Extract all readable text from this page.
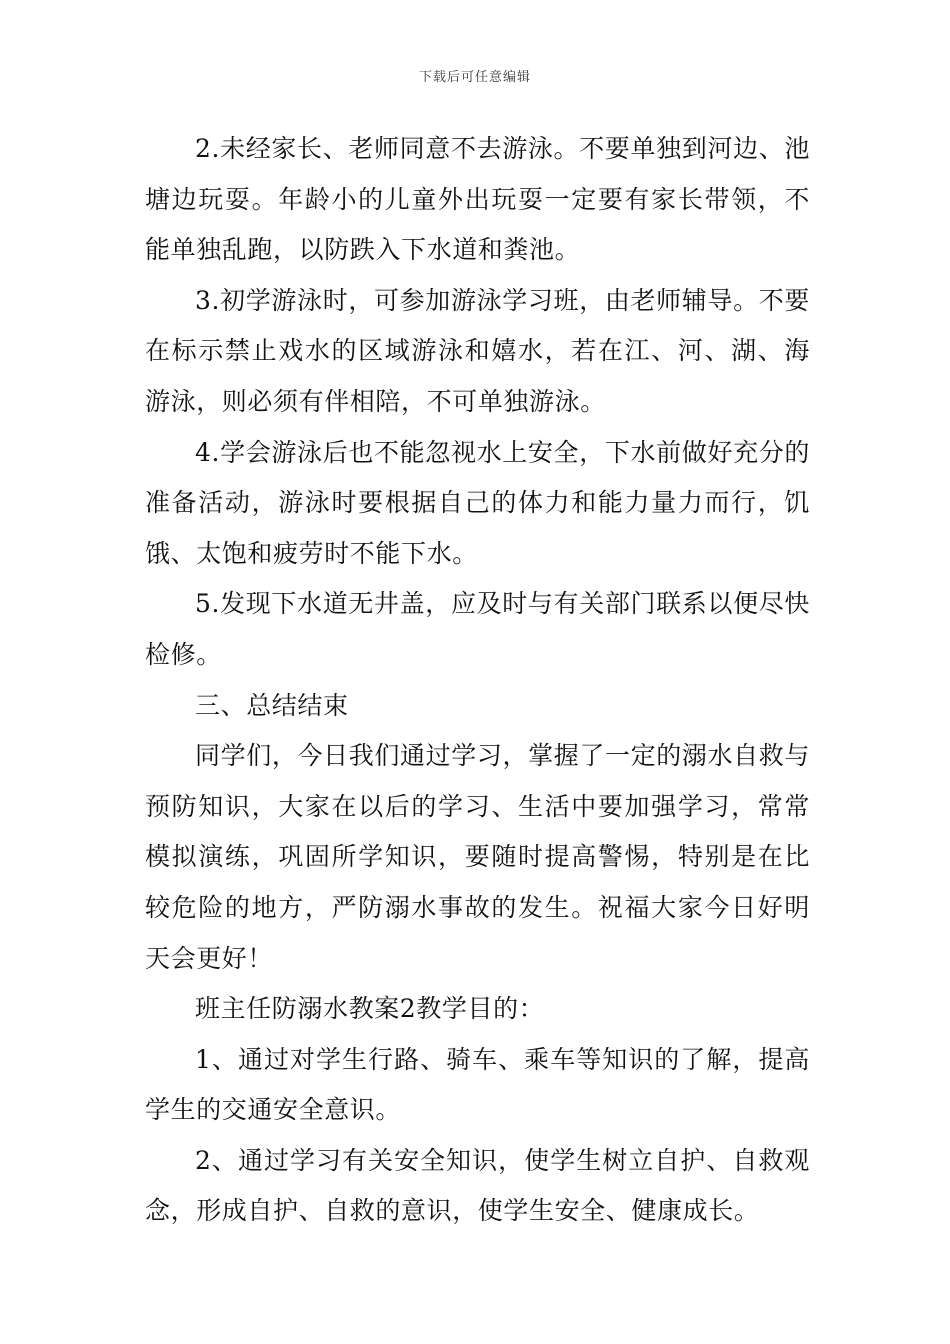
下载后可任意编辑

2.未经家长、老师同意不去游泳。不要单独到河边、池塘边玩耍。年龄小的儿童外出玩耍一定要有家长带领，不能单独乱跑，以防跌入下水道和粪池。

3.初学游泳时，可参加游泳学习班，由老师辅导。不要在标示禁止戏水的区域游泳和嬉水，若在江、河、湖、海游泳，则必须有伴相陪，不可单独游泳。

4.学会游泳后也不能忽视水上安全，下水前做好充分的准备活动，游泳时要根据自己的体力和能力量力而行，饥饿、太饱和疲劳时不能下水。

5.发现下水道无井盖，应及时与有关部门联系以便尽快检修。

三、总结结束

同学们，今日我们通过学习，掌握了一定的溺水自救与预防知识，大家在以后的学习、生活中要加强学习，常常模拟演练，巩固所学知识，要随时提高警惕，特别是在比较危险的地方，严防溺水事故的发生。祝福大家今日好明天会更好！

班主任防溺水教案2教学目的：

1、通过对学生行路、骑车、乘车等知识的了解，提高学生的交通安全意识。

2、通过学习有关安全知识，使学生树立自护、自救观念，形成自护、自救的意识，使学生安全、健康成长。
